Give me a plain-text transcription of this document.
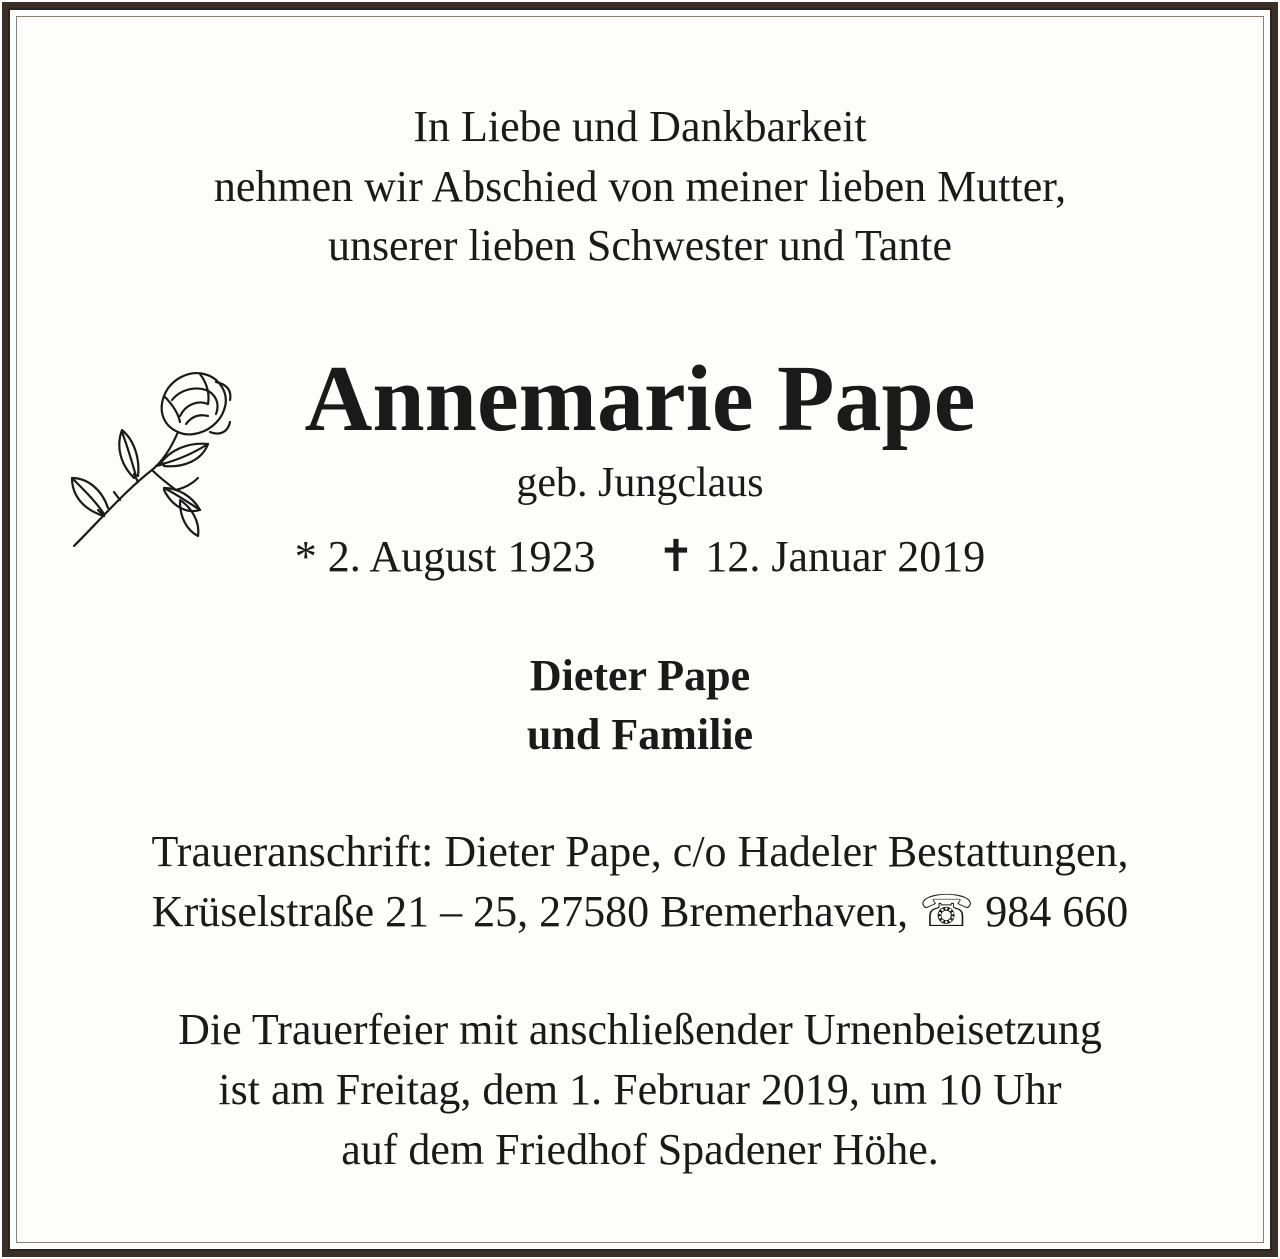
In Liebe und Dankbarkeit
nehmen wir Abschied von meiner lieben Mutter,
unserer lieben Schwester und Tante
Annemarie Pape
geb. Jungclaus
* 2. August 1923 ✝ 12. Januar 2019
Dieter Pape
und Familie
Traueranschrift: Dieter Pape, c/o Hadeler Bestattungen,
Krüselstraße 21 – 25, 27580 Bremerhaven, ☏ 984 660
Die Trauerfeier mit anschließender Urnenbeisetzung
ist am Freitag, dem 1. Februar 2019, um 10 Uhr
auf dem Friedhof Spadener Höhe.
